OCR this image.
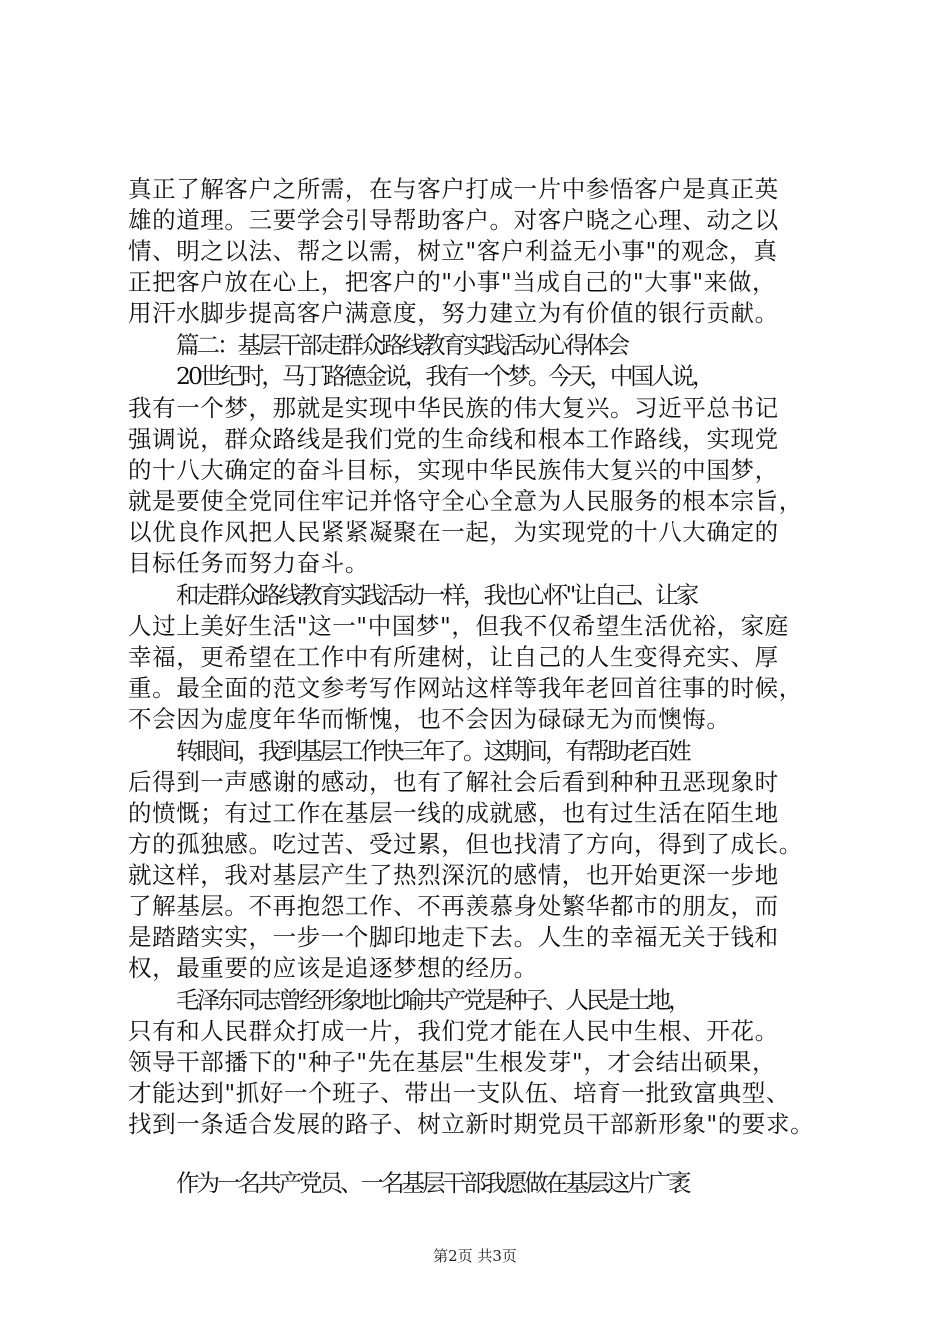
真正了解客户之所需，在与客户打成一片中参悟客户是真正英
雄的道理。三要学会引导帮助客户。对客户晓之心理、动之以
情、明之以法、帮之以需，树立"客户利益无小事"的观念，真
正把客户放在心上，把客户的"小事"当成自己的"大事"来做，
用汗水脚步提高客户满意度，努力建立为有价值的银行贡献。
篇二：基层干部走群众路线教育实践活动心得体会
20世纪时，马丁路德金说，我有一个梦。今天，中国人说，
我有一个梦，那就是实现中华民族的伟大复兴。习近平总书记
强调说，群众路线是我们党的生命线和根本工作路线，实现党
的十八大确定的奋斗目标，实现中华民族伟大复兴的中国梦，
就是要使全党同住牢记并恪守全心全意为人民服务的根本宗旨，
以优良作风把人民紧紧凝聚在一起，为实现党的十八大确定的
目标任务而努力奋斗。
和走群众路线教育实践活动一样，我也心怀"让自己、让家
人过上美好生活"这一"中国梦"，但我不仅希望生活优裕，家庭
幸福，更希望在工作中有所建树，让自己的人生变得充实、厚
重。最全面的范文参考写作网站这样等我年老回首往事的时候，
不会因为虚度年华而惭愧，也不会因为碌碌无为而懊悔。
转眼间，我到基层工作快三年了。这期间，有帮助老百姓
后得到一声感谢的感动，也有了解社会后看到种种丑恶现象时
的愤慨；有过工作在基层一线的成就感，也有过生活在陌生地
方的孤独感。吃过苦、受过累，但也找清了方向，得到了成长。
就这样，我对基层产生了热烈深沉的感情，也开始更深一步地
了解基层。不再抱怨工作、不再羡慕身处繁华都市的朋友，而
是踏踏实实，一步一个脚印地走下去。人生的幸福无关于钱和
权，最重要的应该是追逐梦想的经历。
毛泽东同志曾经形象地比喻共产党是种子、人民是土地，
只有和人民群众打成一片，我们党才能在人民中生根、开花。
领导干部播下的"种子"先在基层"生根发芽"，才会结出硕果，
才能达到"抓好一个班子、带出一支队伍、培育一批致富典型、
找到一条适合发展的路子、树立新时期党员干部新形象"的要求。
作为一名共产党员、一名基层干部我愿做在基层这片广袤
第2页 共3页
